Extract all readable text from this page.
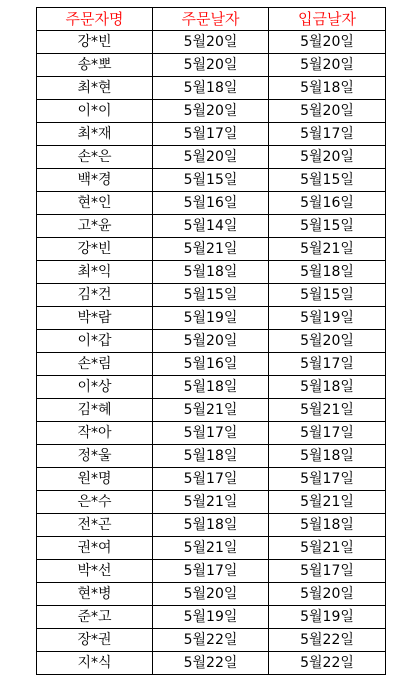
주문자명	주문날자	입금날자
강*빈	5월20일	5월20일
송*뽀	5월20일	5월20일
최*현	5월18일	5월18일
이*이	5월20일	5월20일
최*재	5월17일	5월17일
손*은	5월20일	5월20일
백*경	5월15일	5월15일
현*인	5월16일	5월16일
고*윤	5월14일	5월15일
강*빈	5월21일	5월21일
최*익	5월18일	5월18일
김*건	5월15일	5월15일
박*람	5월19일	5월19일
이*갑	5월20일	5월20일
손*림	5월16일	5월17일
이*상	5월18일	5월18일
김*혜	5월21일	5월21일
작*아	5월17일	5월17일
정*울	5월18일	5월18일
원*명	5월17일	5월17일
은*수	5월21일	5월21일
전*곤	5월18일	5월18일
권*여	5월21일	5월21일
박*선	5월17일	5월17일
현*병	5월20일	5월20일
준*고	5월19일	5월19일
장*권	5월22일	5월22일
지*식	5월22일	5월22일
